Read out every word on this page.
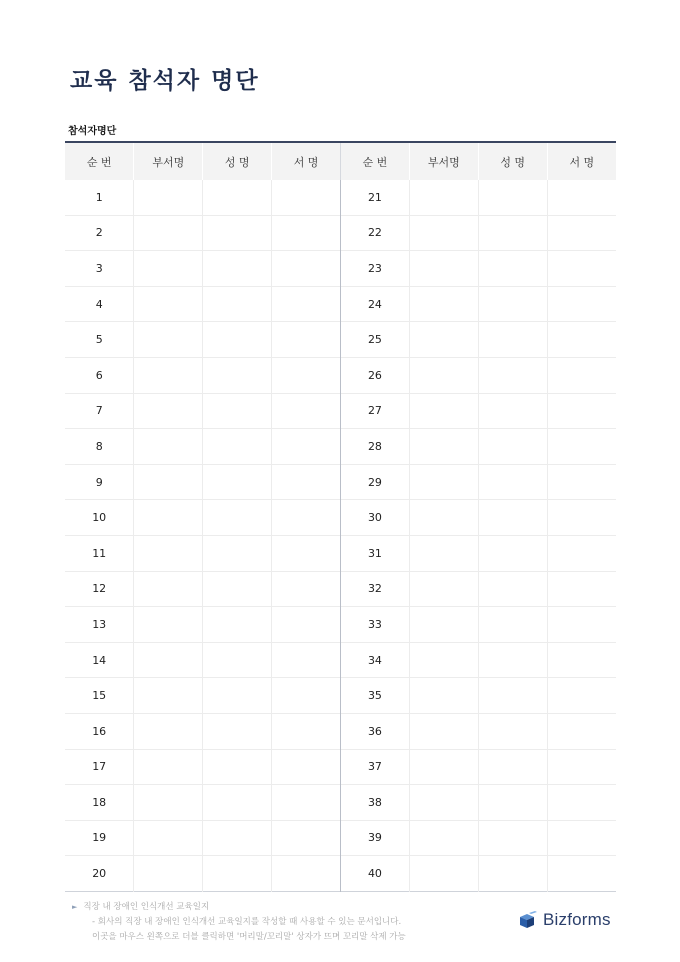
교육 참석자 명단
참석자명단
순 번	부서명	성 명	서 명	순 번	부서명	성 명	서 명
1				21			
2				22			
3				23			
4				24			
5				25			
6				26			
7				27			
8				28			
9				29			
10				30			
11				31			
12				32			
13				33			
14				34			
15				35			
16				36			
17				37			
18				38			
19				39			
20				40			
► 직장 내 장애인 인식개선 교육일지
- 회사의 직장 내 장애인 인식개선 교육일지를 작성할 때 사용할 수 있는 문서입니다.
이곳을 마우스 왼쪽으로 더블 클릭하면 '머리말/꼬리말' 상자가 뜨며 꼬리말 삭제 가능
Bizforms
